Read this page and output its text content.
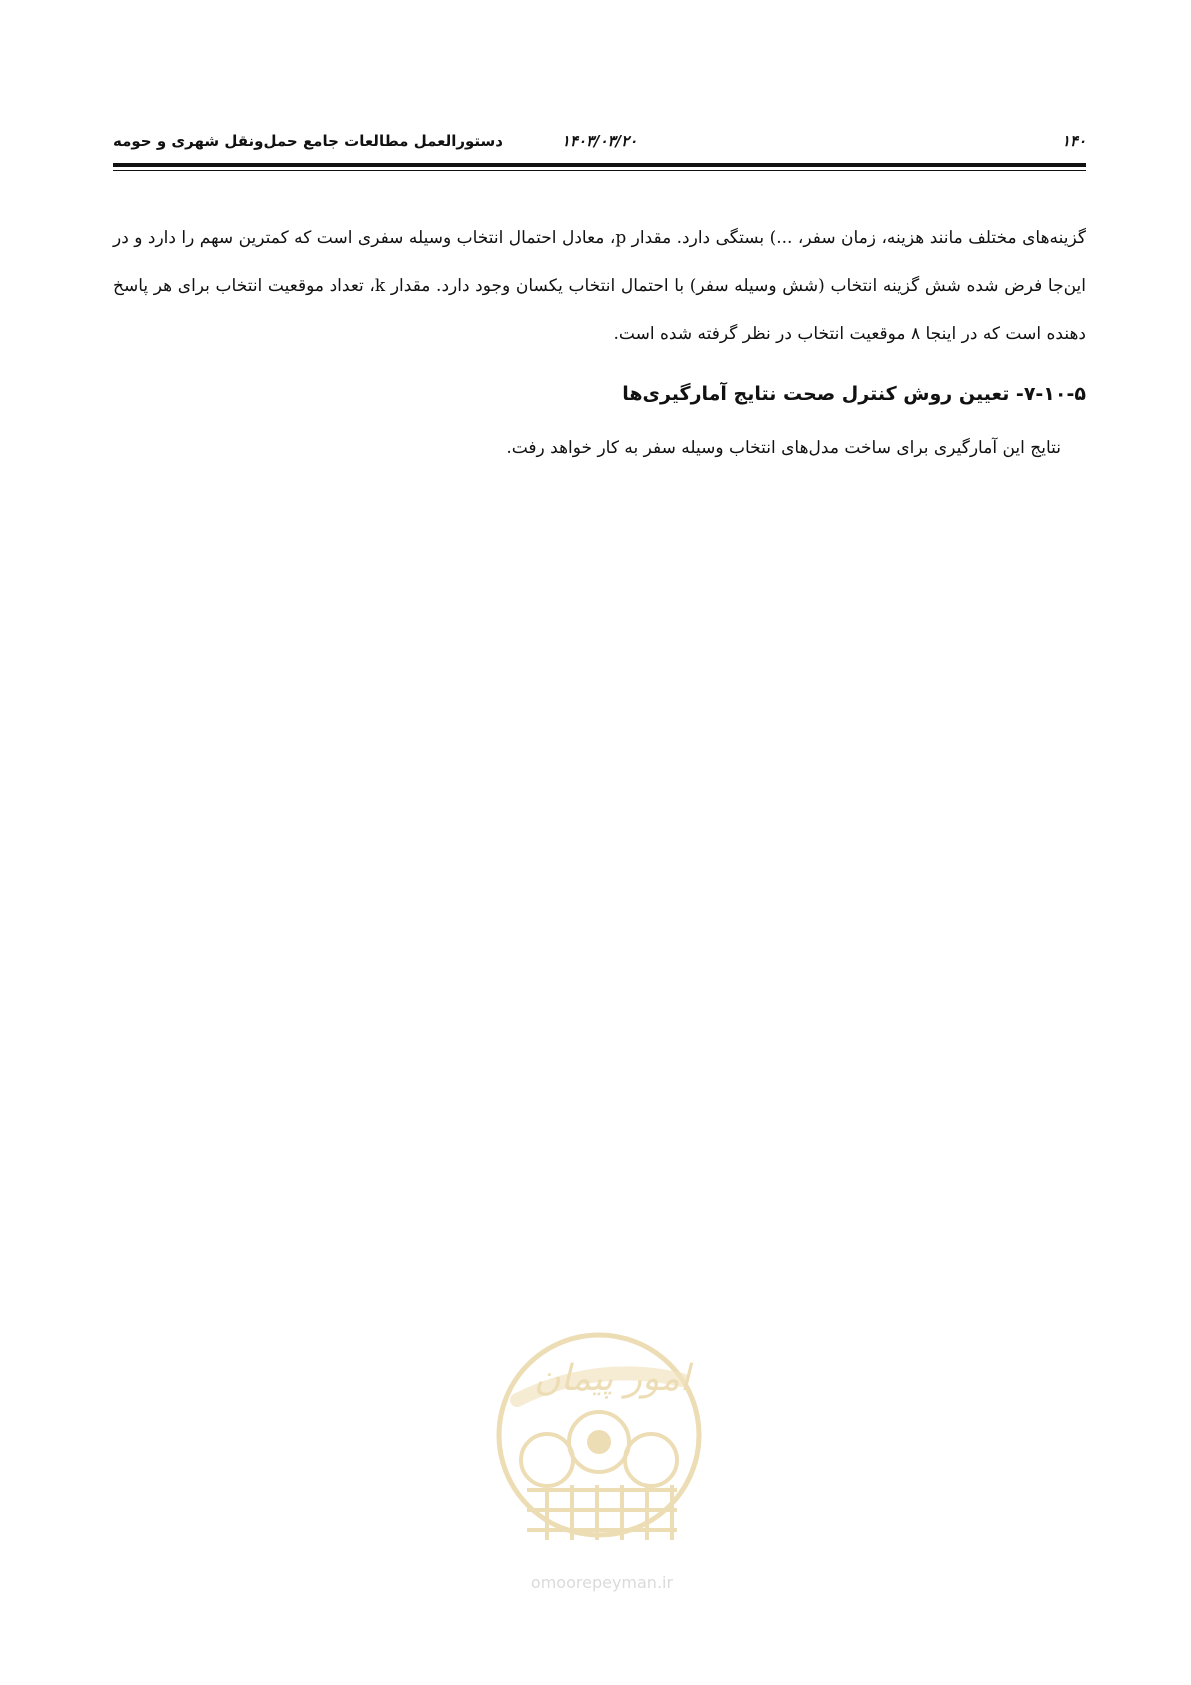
۱۴۰
۱۴۰۳/۰۳/۲۰
دستورالعمل مطالعات جامع حمل‌ونقل شهری و حومه

گزینه‌های مختلف مانند هزینه، زمان سفر، ...) بستگی دارد. مقدار p، معادل احتمال انتخاب وسیله سفری است که کمترین سهم را دارد و در این‌جا فرض شده شش گزینه انتخاب (شش وسیله سفر) با احتمال انتخاب یکسان وجود دارد. مقدار k، تعداد موقعیت انتخاب برای هر پاسخ دهنده است که در اینجا ۸ موقعیت انتخاب در نظر گرفته شده است.

۷-۱۰-۵- تعیین روش کنترل صحت نتایج آمارگیری‌ها
نتایج این آمارگیری برای ساخت مدل‌های انتخاب وسیله سفر به کار خواهد رفت.
امور پیمان
omoorepeyman.ir
